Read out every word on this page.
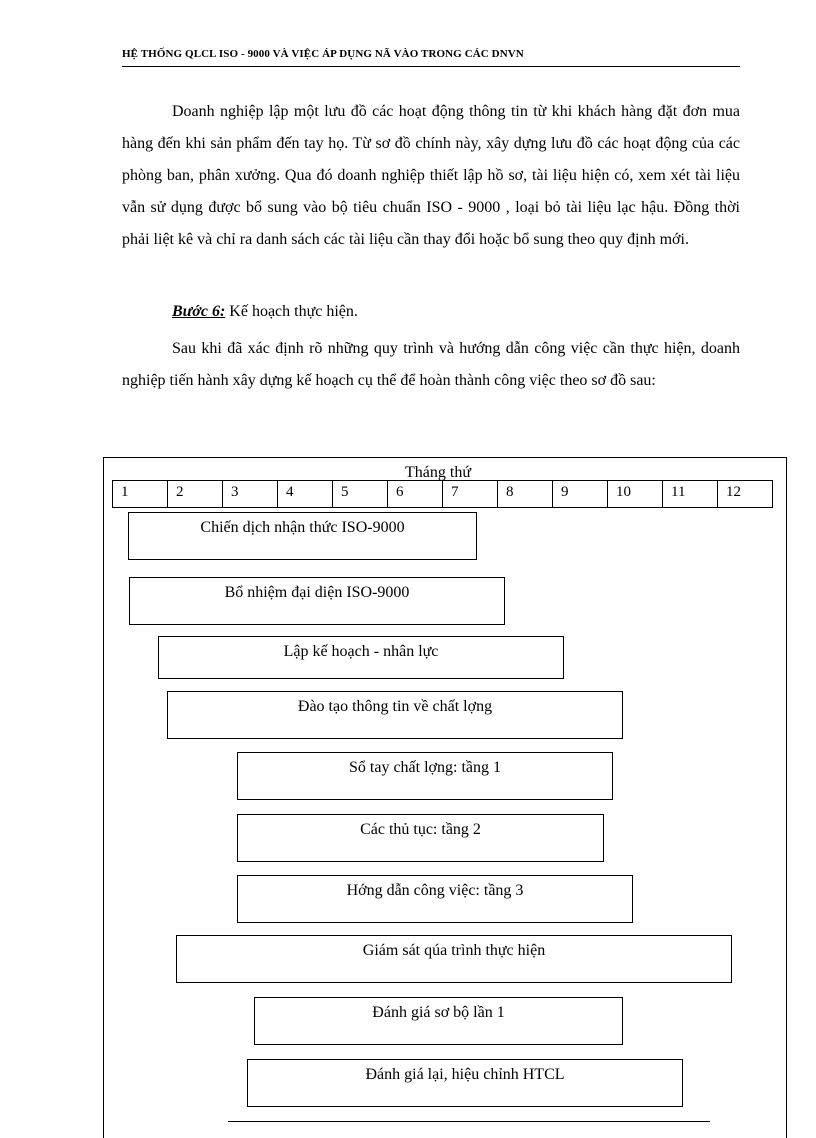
HỆ THỐNG QLCL ISO - 9000 VÀ VIỆC ÁP DỤNG NÃ VÀO TRONG CÁC DNVN

Doanh nghiệp lập một lưu đồ các hoạt động thông tin từ khi khách hàng đặt đơn mua hàng đến khi sản phẩm đến tay họ. Từ sơ đồ chính này, xây dựng lưu đồ các hoạt động của các phòng ban, phân xưởng. Qua đó doanh nghiệp thiết lập hồ sơ, tài liệu hiện có, xem xét tài liệu vẫn sử dụng được bổ sung vào bộ tiêu chuẩn ISO - 9000 , loại bỏ tài liệu lạc hậu. Đồng thời phải liệt kê và chỉ ra danh sách các tài liệu cần thay đổi hoặc bổ sung theo quy định mới.

Bước 6: Kế hoạch thực hiện.

Sau khi đã xác định rõ những quy trình và hướng dẫn công việc cần thực hiện, doanh nghiệp tiến hành xây dựng kế hoạch cụ thể để hoàn thành công việc theo sơ đồ sau:

Tháng thứ
1	2	3	4	5	6	7	8	9	10	11	12
Chiến dịch nhận thức ISO-9000
Bổ nhiệm đại diện ISO-9000
Lập kế hoạch - nhân lực
Đào tạo thông tin về chất lợng
Sổ tay chất lợng: tầng 1
Các thủ tục: tầng 2
Hớng dẫn công việc: tầng 3
Giám sát qúa trình thực hiện
Đánh giá sơ bộ lần 1
Đánh giá lại, hiệu chỉnh HTCL
